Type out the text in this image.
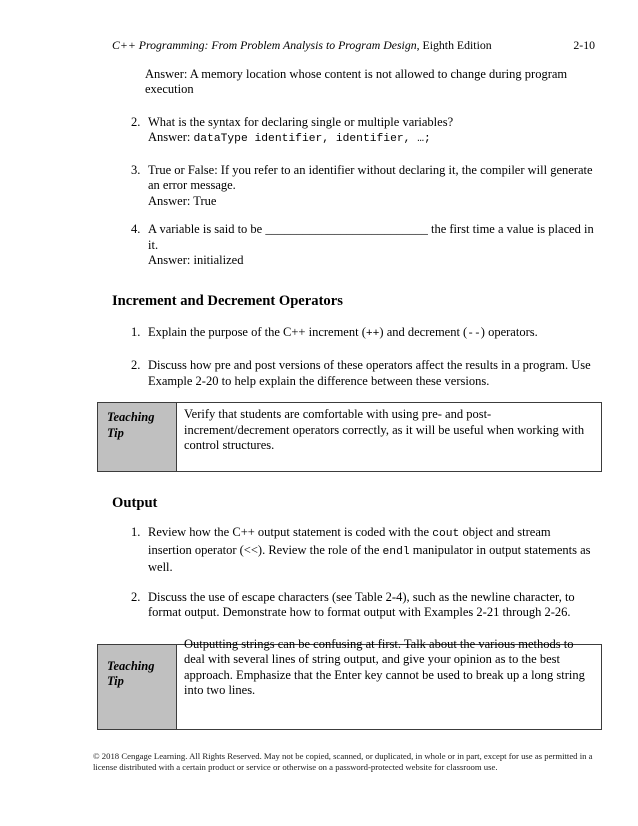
C++ Programming: From Problem Analysis to Program Design, Eighth Edition	2-10

Answer: A memory location whose content is not allowed to change during program execution

2. What is the syntax for declaring single or multiple variables?
Answer: dataType identifier, identifier, …;
3. True or False: If you refer to an identifier without declaring it, the compiler will generate an error message.
Answer: True
4. A variable is said to be __________________________ the first time a value is placed in it.
Answer: initialized
Increment and Decrement Operators
1. Explain the purpose of the C++ increment (++) and decrement (--) operators.
2. Discuss how pre and post versions of these operators affect the results in a program. Use Example 2-20 to help explain the difference between these versions.

Teaching Tip

Verify that students are comfortable with using pre- and post-increment/decrement operators correctly, as it will be useful when working with control structures.

Output
1. Review how the C++ output statement is coded with the cout object and stream insertion operator (<<). Review the role of the endl manipulator in output statements as well.
2. Discuss the use of escape characters (see Table 2-4), such as the newline character, to format output. Demonstrate how to format output with Examples 2-21 through 2-26.

Teaching Tip

Outputting strings can be confusing at first. Talk about the various methods to deal with several lines of string output, and give your opinion as to the best approach. Emphasize that the Enter key cannot be used to break up a long string into two lines.

© 2018 Cengage Learning. All Rights Reserved. May not be copied, scanned, or duplicated, in whole or in part, except for use as permitted in a license distributed with a certain product or service or otherwise on a password-protected website for classroom use.
